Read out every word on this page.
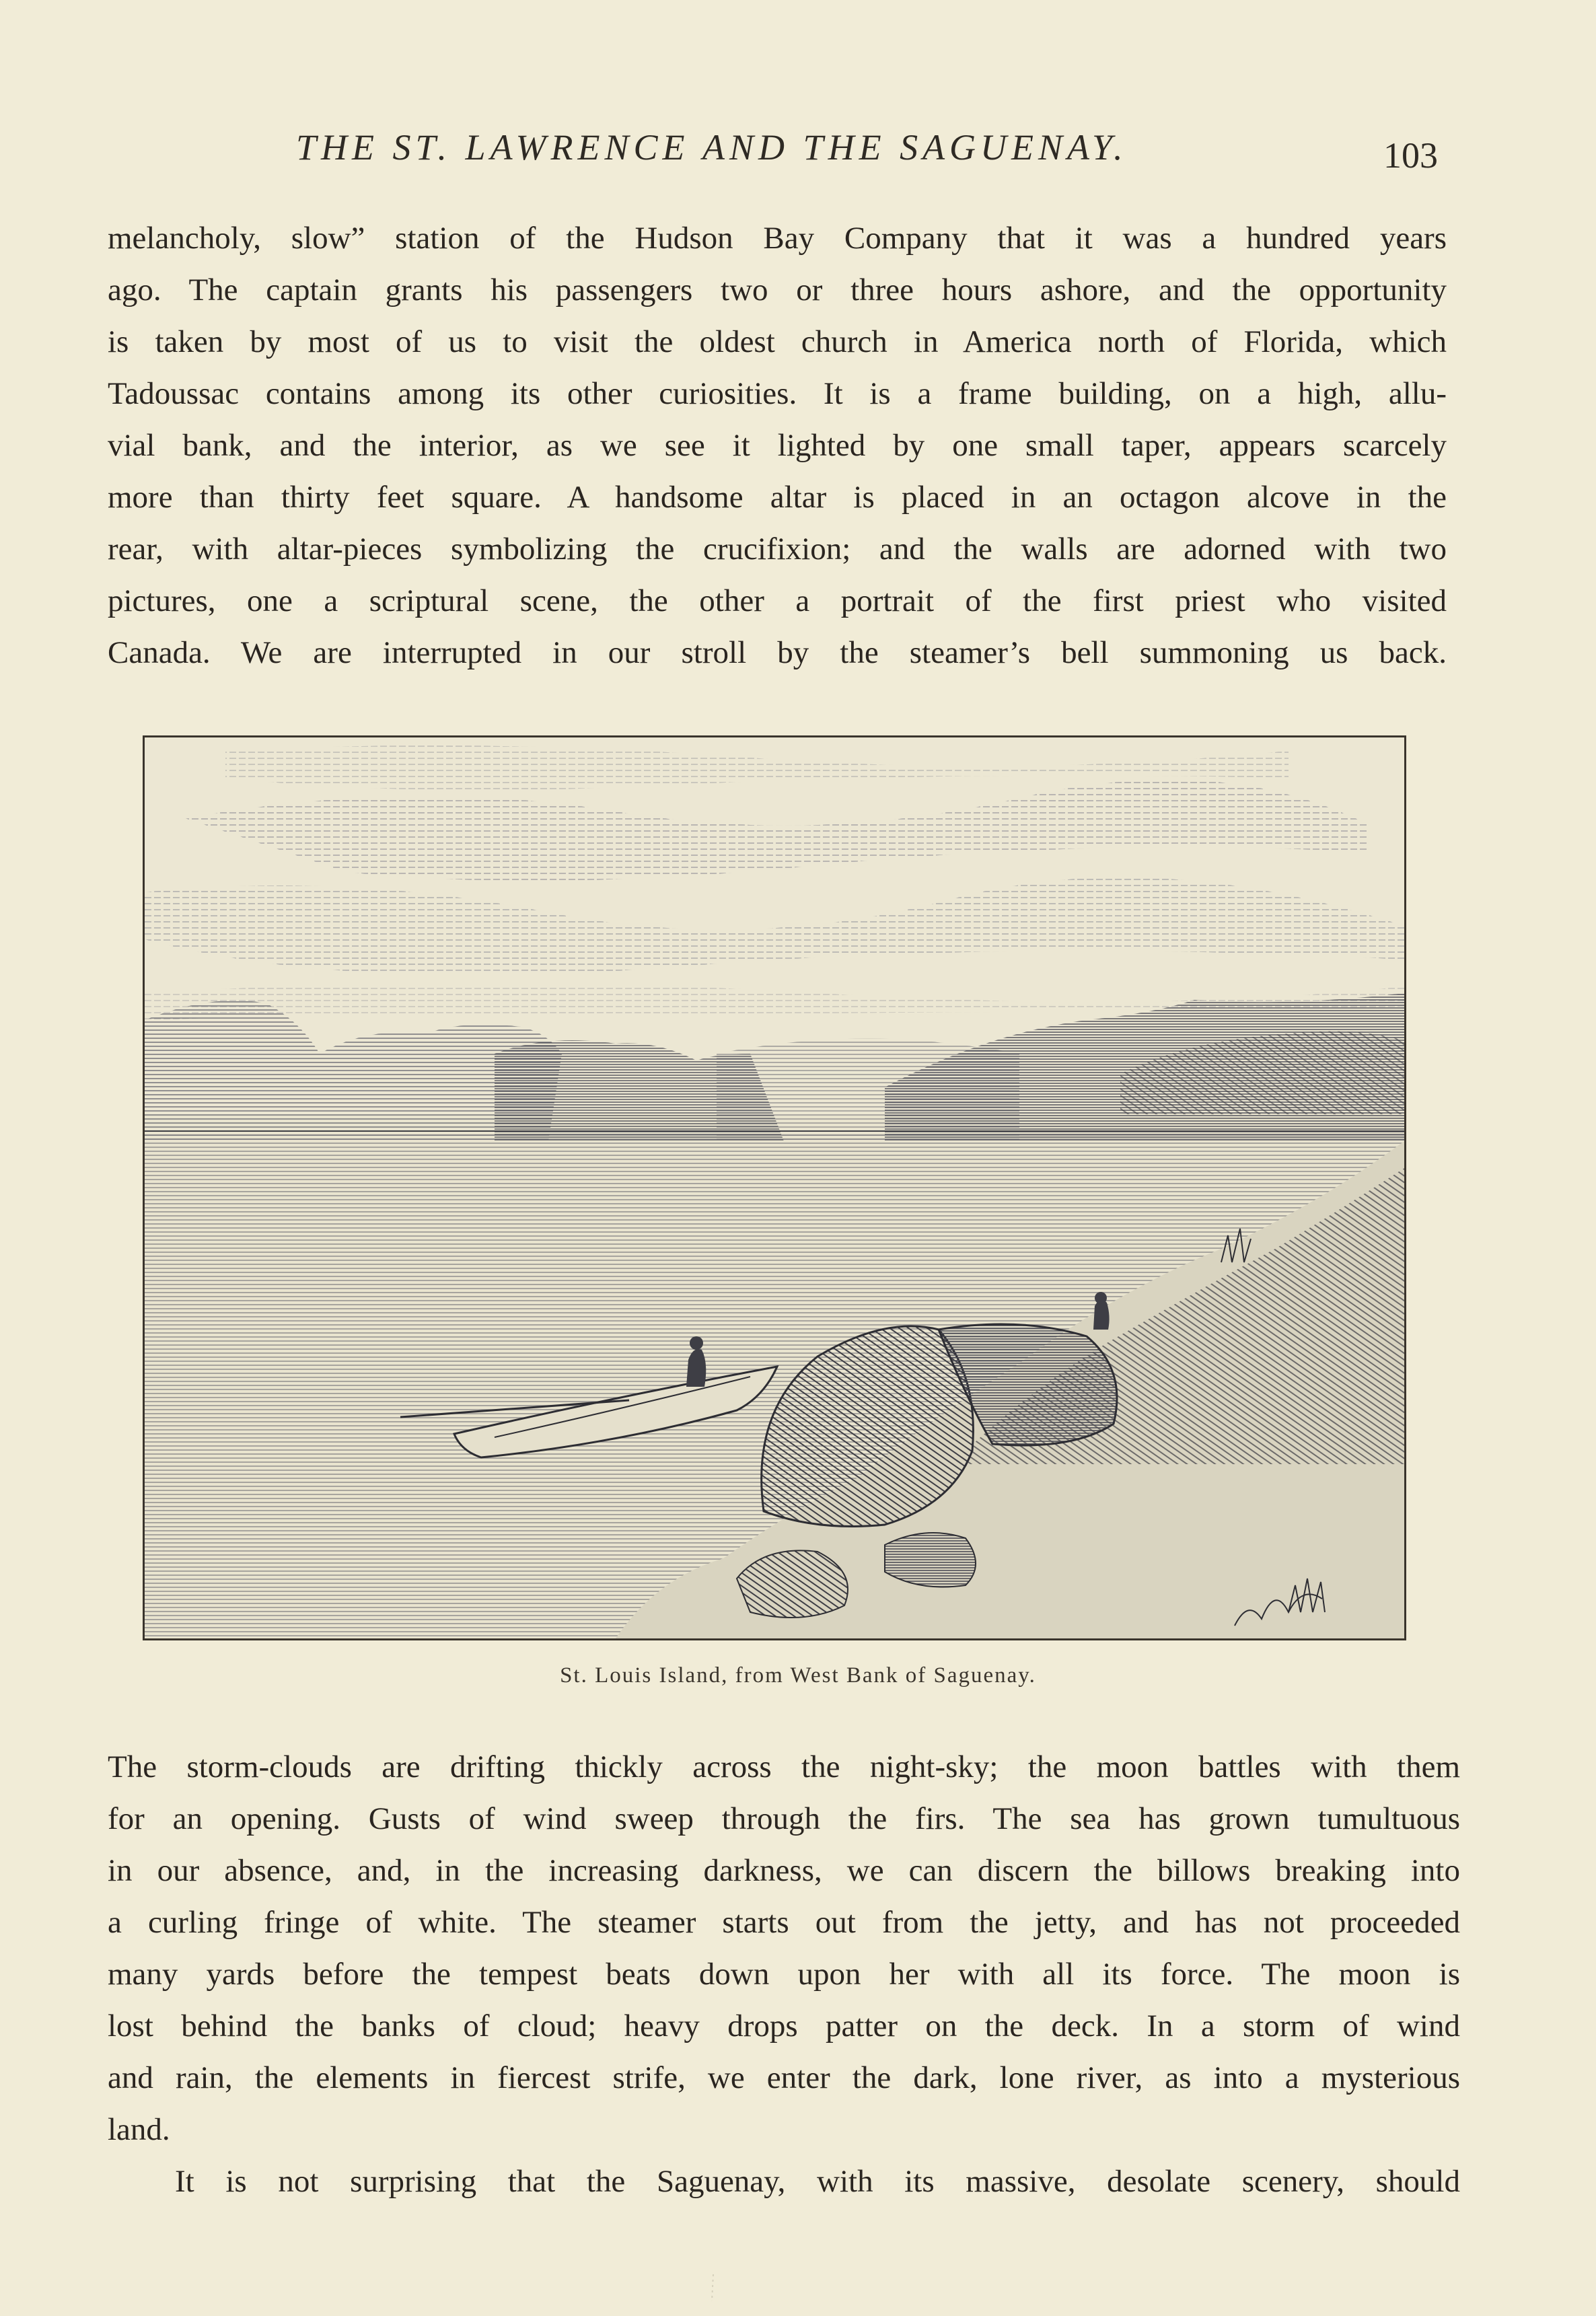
THE ST. LAWRENCE AND THE SAGUENAY.	103
melancholy, slow” station of the Hudson Bay Company that it was a hundred years
ago. The captain grants his passengers two or three hours ashore, and the opportunity
is taken by most of us to visit the oldest church in America north of Florida, which
Tadoussac contains among its other curiosities. It is a frame building, on a high, allu-
vial bank, and the interior, as we see it lighted by one small taper, appears scarcely
more than thirty feet square. A handsome altar is placed in an octagon alcove in the
rear, with altar-pieces symbolizing the crucifixion; and the walls are adorned with two
pictures, one a scriptural scene, the other a portrait of the first priest who visited
Canada. We are interrupted in our stroll by the steamer’s bell summoning us back.
St. Louis Island, from West Bank of Saguenay.
The storm-clouds are drifting thickly across the night-sky; the moon battles with them
for an opening. Gusts of wind sweep through the firs. The sea has grown tumultuous
in our absence, and, in the increasing darkness, we can discern the billows breaking into
a curling fringe of white. The steamer starts out from the jetty, and has not proceeded
many yards before the tempest beats down upon her with all its force. The moon is
lost behind the banks of cloud; heavy drops patter on the deck. In a storm of wind
and rain, the elements in fiercest strife, we enter the dark, lone river, as into a mysterious
land.
It is not surprising that the Saguenay, with its massive, desolate scenery, should
